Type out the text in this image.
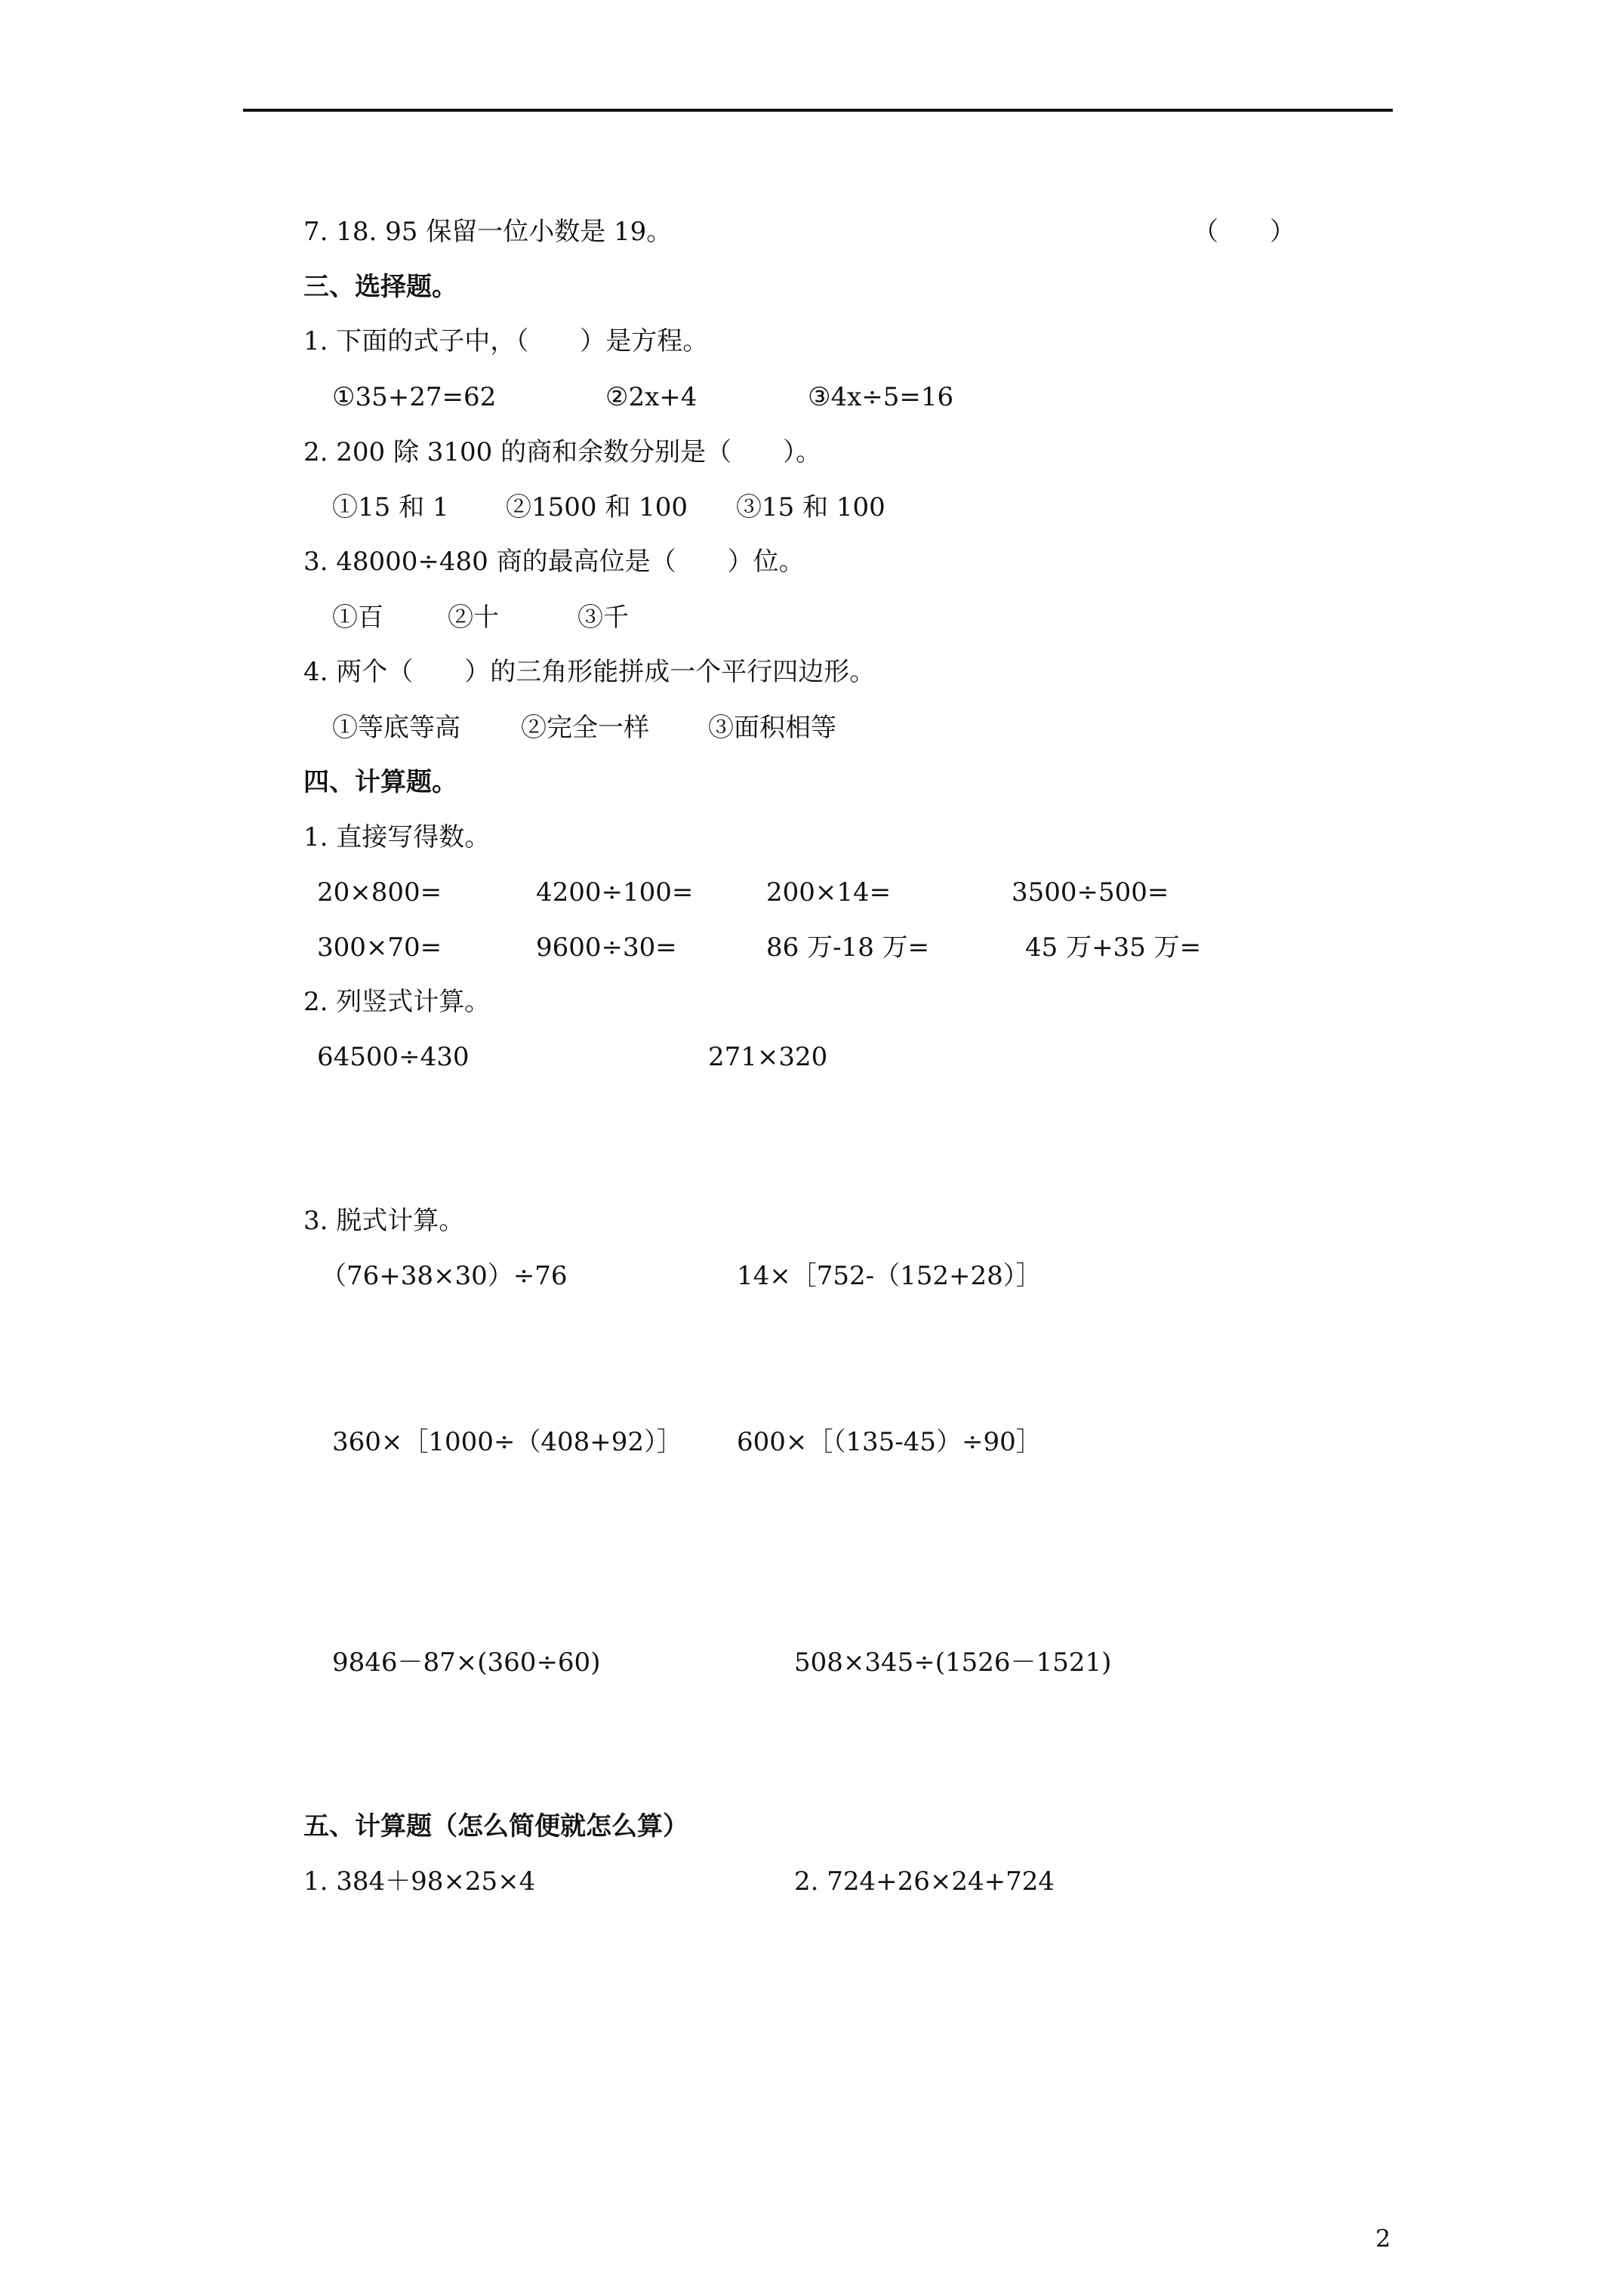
7. 18. 95 保留一位小数是 19。	（　　）
三、选择题。
1. 下面的式子中，（　　）是方程。
①35+27=62	②2x+4	③4x÷5=16
2. 200 除 3100 的商和余数分别是（　　）。
①15 和 1 ②1500 和 100 ③15 和 100
3. 48000÷480 商的最高位是（　　）位。
①百	②十	③千
4. 两个（　　）的三角形能拼成一个平行四边形。
①等底等高 ②完全一样 ③面积相等
四、计算题。
1. 直接写得数。
20×800=	4200÷100=	200×14=	3500÷500=
300×70=	9600÷30=	86 万-18 万=	45 万+35 万=
2. 列竖式计算。
64500÷430	271×320
3. 脱式计算。
（76+38×30）÷76	14×［752-（152+28）］
360×［1000÷（408+92）］ 600×［（135-45）÷90］
9846－87×(360÷60)	508×345÷(1526－1521)
五、计算题（怎么简便就怎么算）
1. 384＋98×25×4	2. 724+26×24+724
2
